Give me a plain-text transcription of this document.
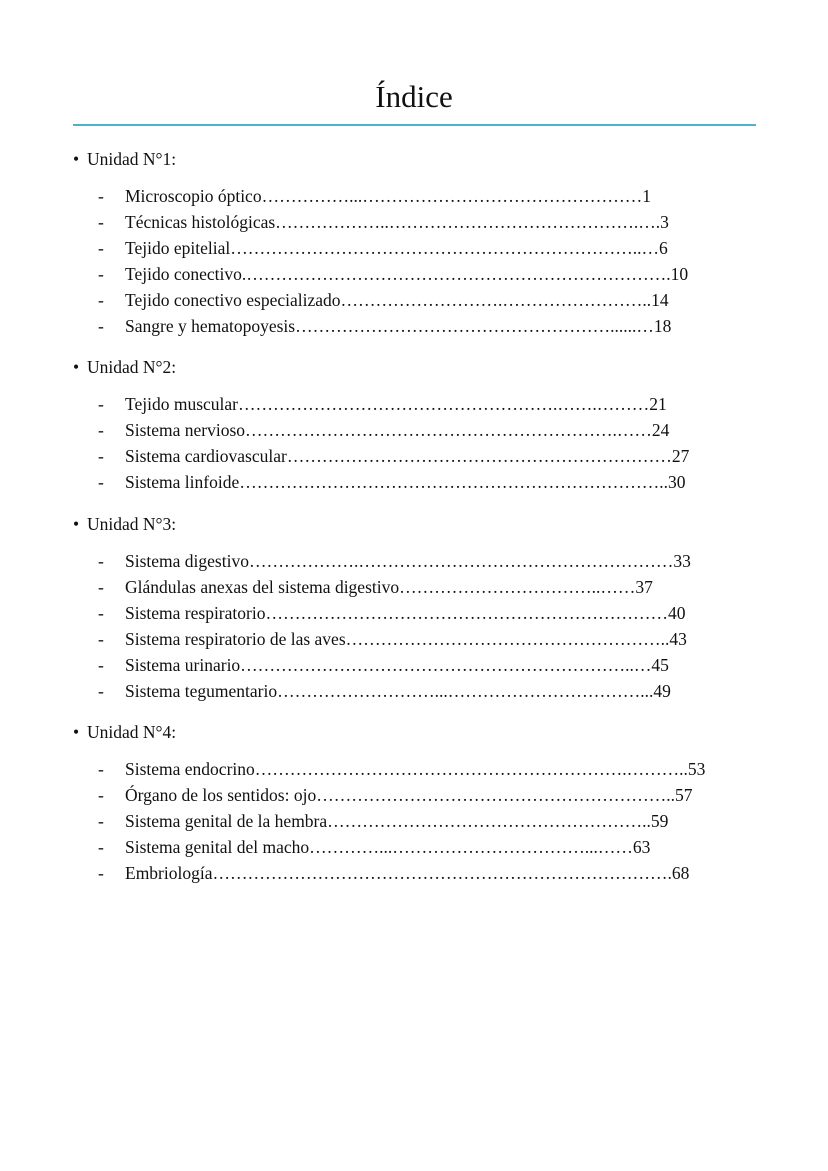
Índice
• Unidad N°1:
- Microscopio óptico……………...…………………………………………1
- Técnicas histológicas………………..…………………………………….….3
- Tejido epitelial……………………………………………………………..…6
- Tejido conectivo.……………………………………………………………….10
- Tejido conectivo especializado……………………….……………………..14
- Sangre y hematopoyesis………………………………………………......…18
• Unidad N°2:
- Tejido muscular……………………………………………….…….………21
- Sistema nervioso……………………………………………………….……24
- Sistema cardiovascular…………………………………………………………27
- Sistema linfoide………………………………………………………………..30
• Unidad N°3:
- Sistema digestivo……………….………………………………………………33
- Glándulas anexas del sistema digestivo……………………………..……37
- Sistema respiratorio……………………………………………………………40
- Sistema respiratorio de las aves………………………………………………..43
- Sistema urinario…………………………………………………………..…45
- Sistema tegumentario………………………...……………………………...49
• Unidad N°4:
- Sistema endocrino……………………………………………………….………..53
- Órgano de los sentidos: ojo……………………………………………………..57
- Sistema genital de la hembra………………………………………………..59
- Sistema genital del macho…………...……………………………...……63
- Embriología…………………………………………………………………….68
